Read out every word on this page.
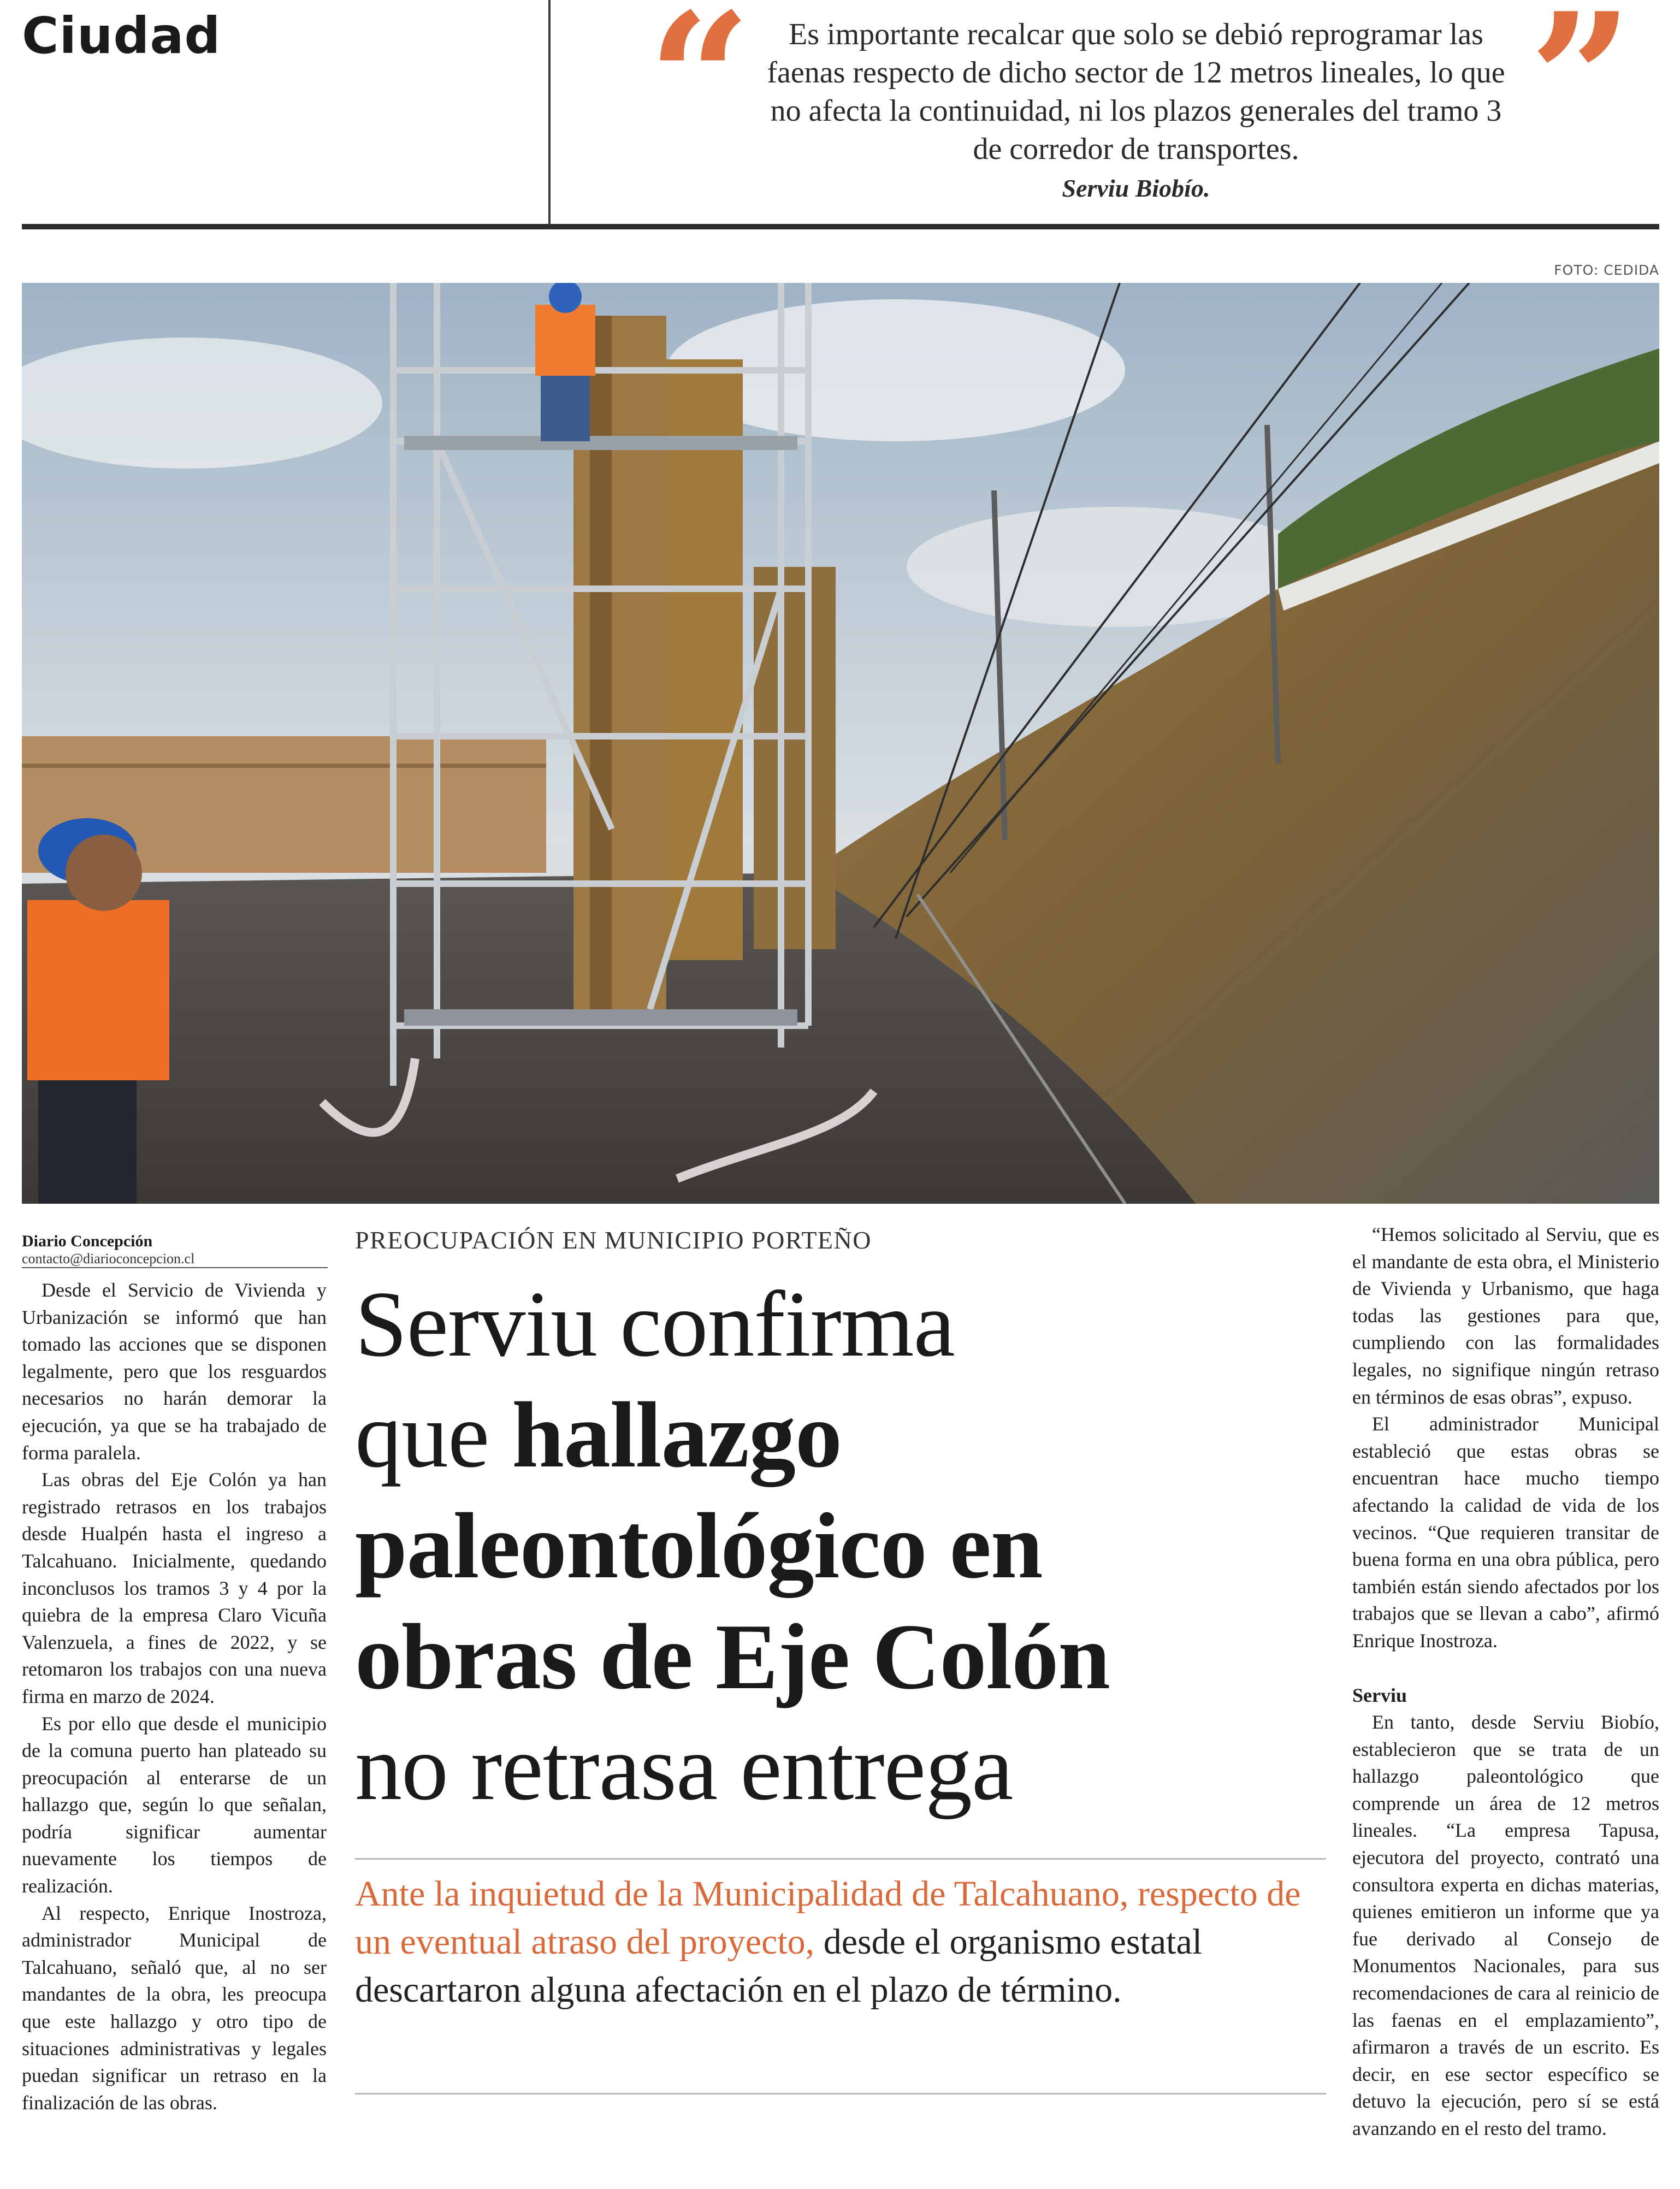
Ciudad “	Es importante recalcar que solo se debió reprogramar las faenas respecto de dicho sector de 12 metros lineales, lo que no afecta la continuidad, ni los plazos generales del tramo 3 de corredor de transportes.
Serviu Biobío.
”
FOTO: CEDIDA
Diario Concepción
contacto@diarioconcepcion.cl

Desde el Servicio de Vivienda y Urbanización se informó que han tomado las acciones que se disponen legalmente, pero que los resguardos necesarios no harán demorar la ejecución, ya que se ha trabajado de forma paralela.

Las obras del Eje Colón ya han registrado retrasos en los trabajos desde Hualpén hasta el ingreso a Talcahuano. Inicialmente, quedando inconclusos los tramos 3 y 4 por la quiebra de la empresa Claro Vicuña Valenzuela, a fines de 2022, y se retomaron los trabajos con una nueva firma en marzo de 2024.

Es por ello que desde el municipio de la comuna puerto han plateado su preocupación al enterarse de un hallazgo que, según lo que señalan, podría significar aumentar nuevamente los tiempos de realización.

Al respecto, Enrique Inostroza, administrador Municipal de Talcahuano, señaló que, al no ser mandantes de la obra, les preocupa que este hallazgo y otro tipo de situaciones administrativas y legales puedan significar un retraso en la finalización de las obras.

PREOCUPACIÓN EN MUNICIPIO PORTEÑO
Serviu confirma
que hallazgo
paleontológico en
obras de Eje Colón
no retrasa entrega
Ante la inquietud de la Municipalidad de Talcahuano, respecto de un eventual atraso del proyecto, desde el organismo estatal descartaron alguna afectación en el plazo de término.

“Hemos solicitado al Serviu, que es el mandante de esta obra, el Ministerio de Vivienda y Urbanismo, que haga todas las gestiones para que, cumpliendo con las formalidades legales, no signifique ningún retraso en términos de esas obras”, expuso.

El administrador Municipal estableció que estas obras se encuentran hace mucho tiempo afectando la calidad de vida de los vecinos. “Que requieren transitar de buena forma en una obra pública, pero también están siendo afectados por los trabajos que se llevan a cabo”, afirmó Enrique Inostroza.

Serviu

En tanto, desde Serviu Biobío, establecieron que se trata de un hallazgo paleontológico que comprende un área de 12 metros lineales. “La empresa Tapusa, ejecutora del proyecto, contrató una consultora experta en dichas materias, quienes emitieron un informe que ya fue derivado al Consejo de Monumentos Nacionales, para sus recomendaciones de cara al reinicio de las faenas en el emplazamiento”, afirmaron a través de un escrito. Es decir, en ese sector específico se detuvo la ejecución, pero sí se está avanzando en el resto del tramo.
